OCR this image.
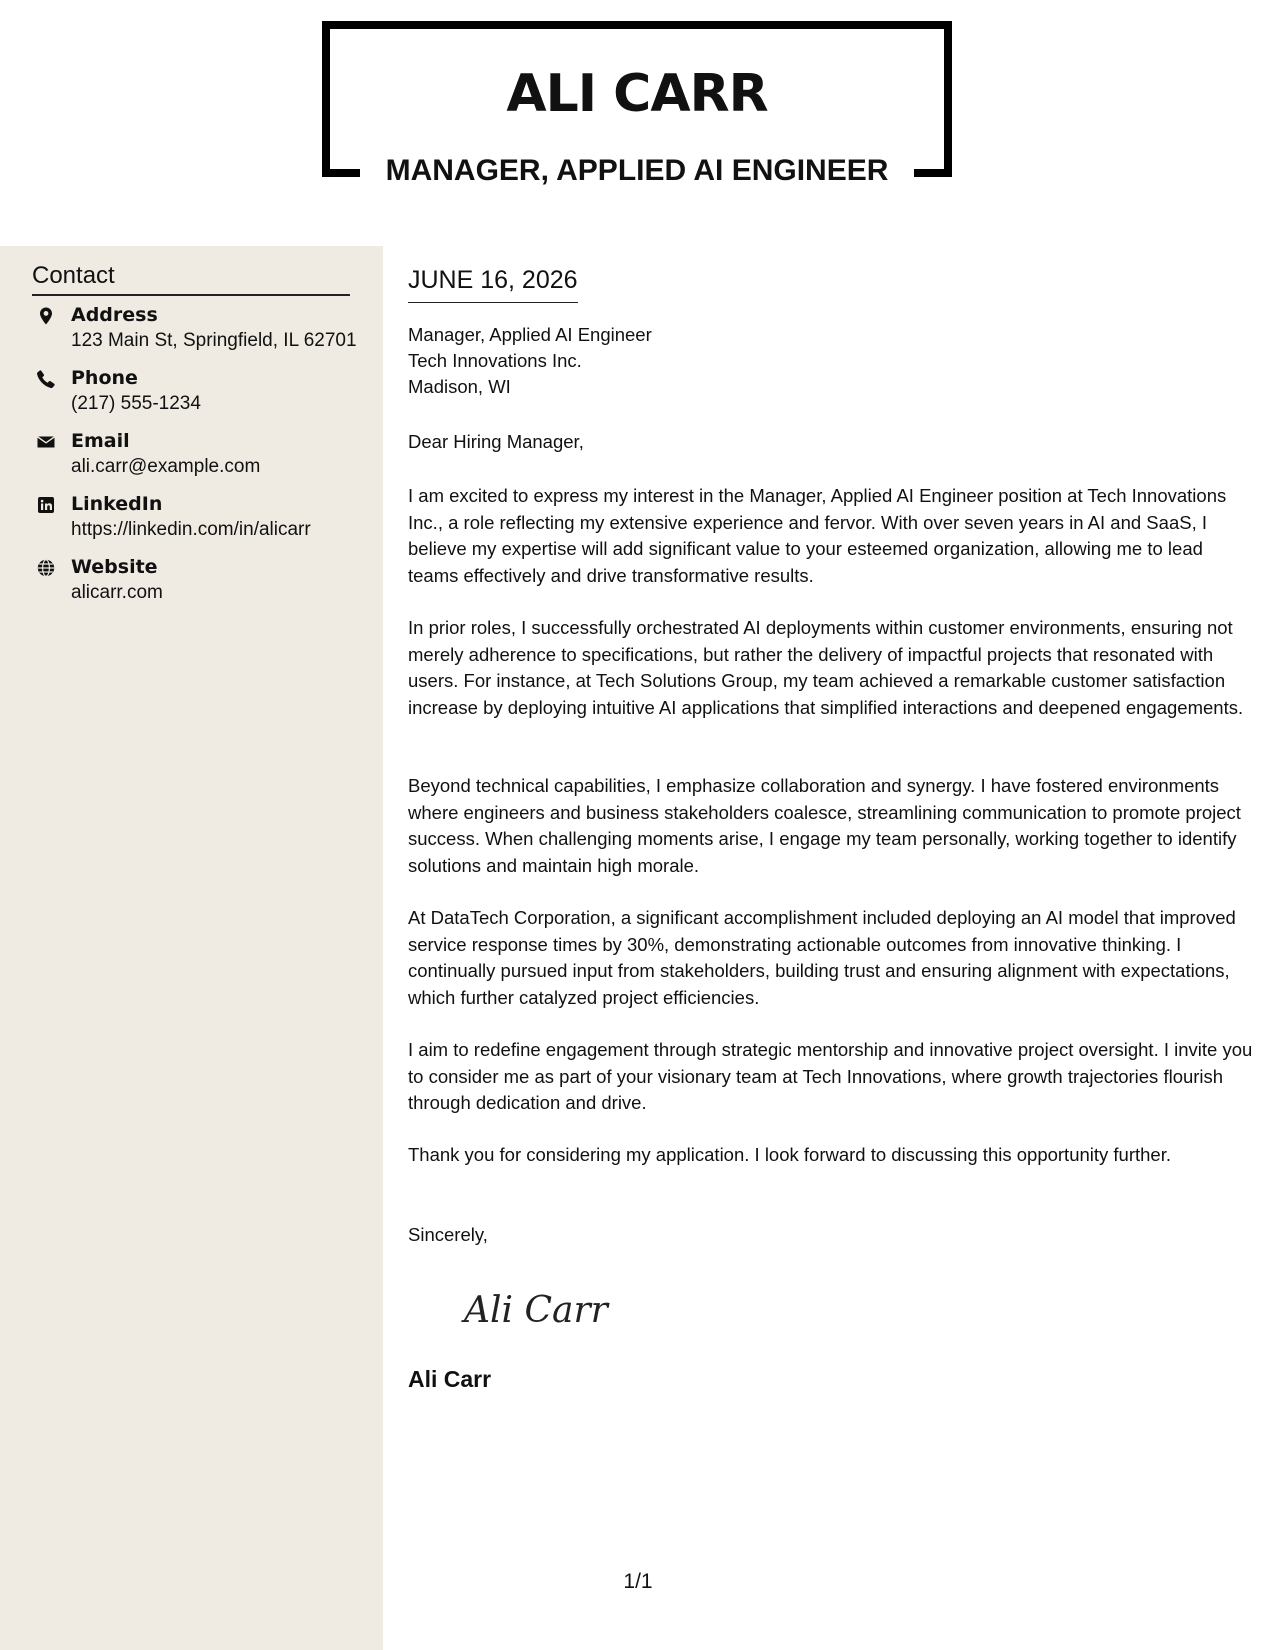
ALI CARR
MANAGER, APPLIED AI ENGINEER
Contact
Address
123 Main St, Springfield, IL 62701
Phone
(217) 555-1234
Email
ali.carr@example.com
LinkedIn
https://linkedin.com/in/alicarr
Website
alicarr.com
JUNE 16, 2026
Manager, Applied AI Engineer
Tech Innovations Inc.
Madison, WI
Dear Hiring Manager,

I am excited to express my interest in the Manager, Applied AI Engineer position at Tech Innovations Inc., a role reflecting my extensive experience and fervor. With over seven years in AI and SaaS, I believe my expertise will add significant value to your esteemed organization, allowing me to lead teams effectively and drive transformative results.

In prior roles, I successfully orchestrated AI deployments within customer environments, ensuring not merely adherence to specifications, but rather the delivery of impactful projects that resonated with users. For instance, at Tech Solutions Group, my team achieved a remarkable customer satisfaction increase by deploying intuitive AI applications that simplified interactions and deepened engagements.

Beyond technical capabilities, I emphasize collaboration and synergy. I have fostered environments where engineers and business stakeholders coalesce, streamlining communication to promote project success. When challenging moments arise, I engage my team personally, working together to identify solutions and maintain high morale.

At DataTech Corporation, a significant accomplishment included deploying an AI model that improved service response times by 30%, demonstrating actionable outcomes from innovative thinking. I continually pursued input from stakeholders, building trust and ensuring alignment with expectations, which further catalyzed project efficiencies.

I aim to redefine engagement through strategic mentorship and innovative project oversight. I invite you to consider me as part of your visionary team at Tech Innovations, where growth trajectories flourish through dedication and drive.

Thank you for considering my application. I look forward to discussing this opportunity further.

Sincerely,
Ali Carr
Ali Carr
1/1
